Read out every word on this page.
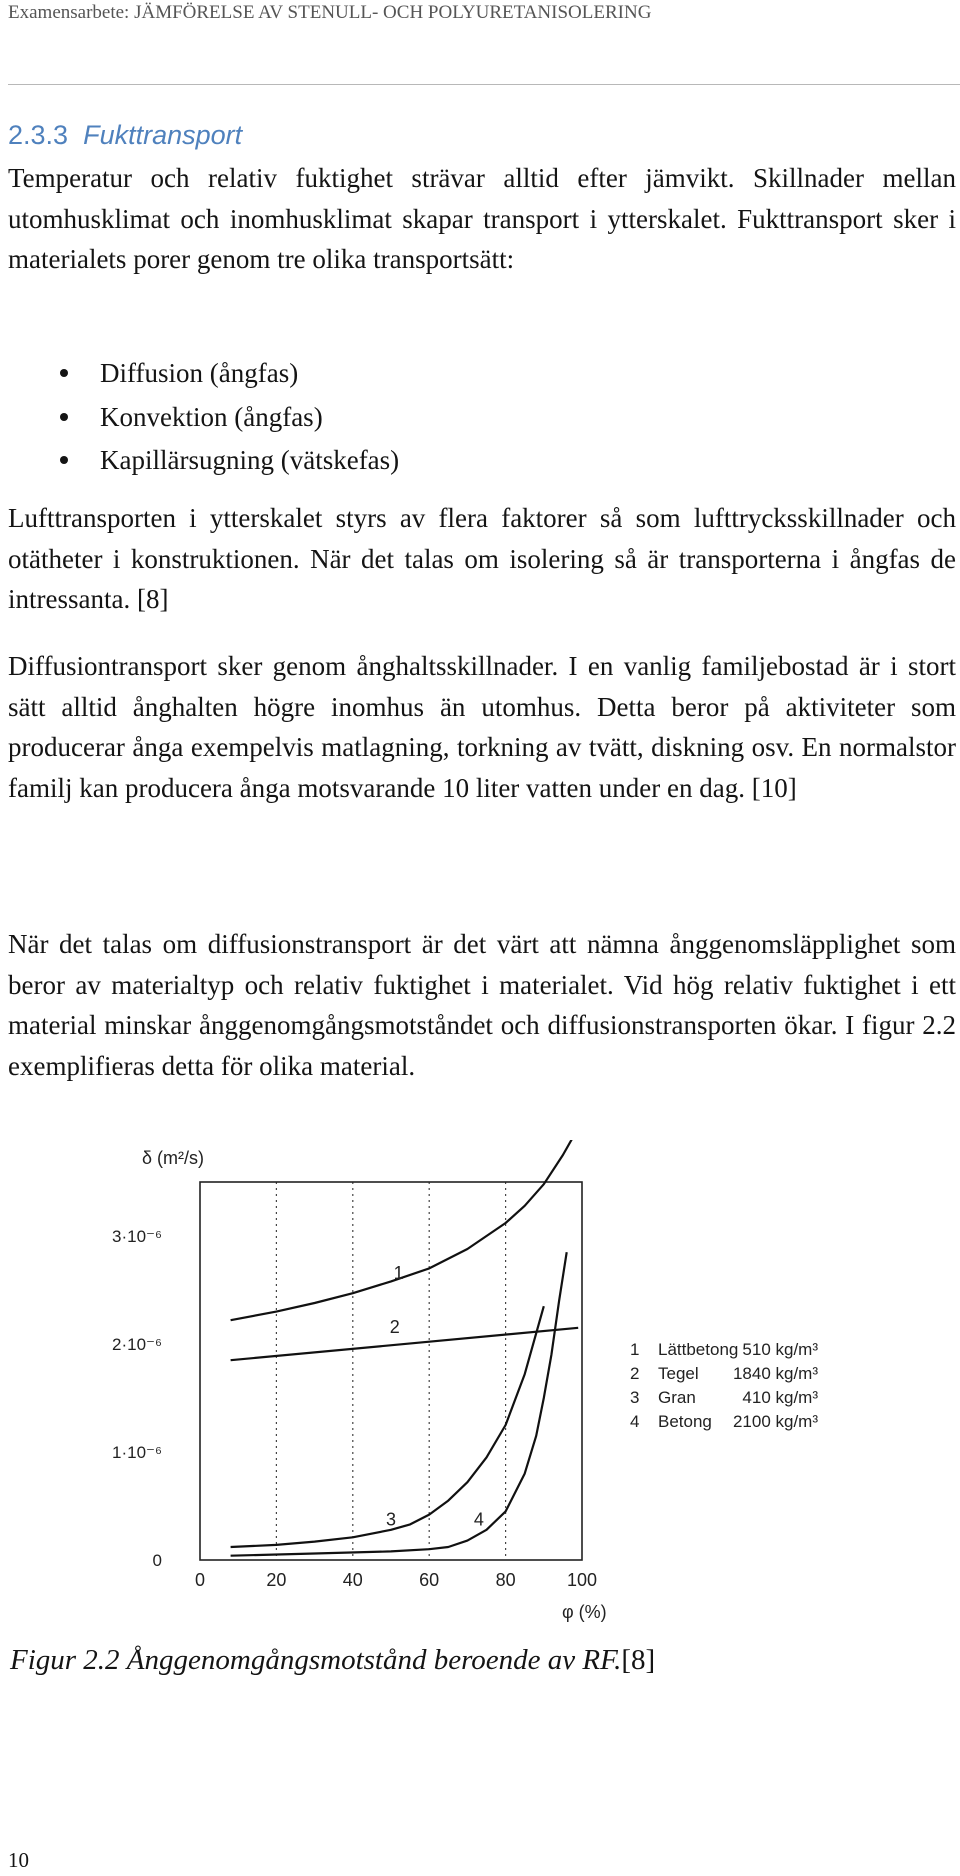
Examensarbete: JÄMFÖRELSE AV STENULL- OCH POLYURETANISOLERING
2.3.3 Fukttransport

Temperatur och relativ fuktighet strävar alltid efter jämvikt. Skillnader mellan utomhusklimat och inomhusklimat skapar transport i ytterskalet. Fukttransport sker i materialets porer genom tre olika transportsätt:

Diffusion (ångfas)
Konvektion (ångfas)
Kapillärsugning (vätskefas)

Lufttransporten i ytterskalet styrs av flera faktorer så som lufttrycksskillnader och otätheter i konstruktionen. När det talas om isolering så är transporterna i ångfas de intressanta. [8]

Diffusiontransport sker genom ånghaltsskillnader. I en vanlig familjebostad är i stort sätt alltid ånghalten högre inomhus än utomhus. Detta beror på aktiviteter som producerar ånga exempelvis matlagning, torkning av tvätt, diskning osv. En normalstor familj kan producera ånga motsvarande 10 liter vatten under en dag. [10]

När det talas om diffusionstransport är det värt att nämna ånggenomsläpplighet som beror av materialtyp och relativ fuktighet i materialet. Vid hög relativ fuktighet i ett material minskar ånggenomgångsmotståndet och diffusionstransporten ökar. I figur 2.2 exemplifieras detta för olika material.

δ (m²/s)
φ (%)
0	20	40	60	80	100
0
1·10⁻⁶
2·10⁻⁶
3·10⁻⁶
1
2
3	4
1 Lättbetong 510 kg/m³
2 Tegel 1840 kg/m³
3 Gran	410 kg/m³
4 Betong 2100 kg/m³
Figur 2.2 Ånggenomgångsmotstånd beroende av RF.[8]
10
